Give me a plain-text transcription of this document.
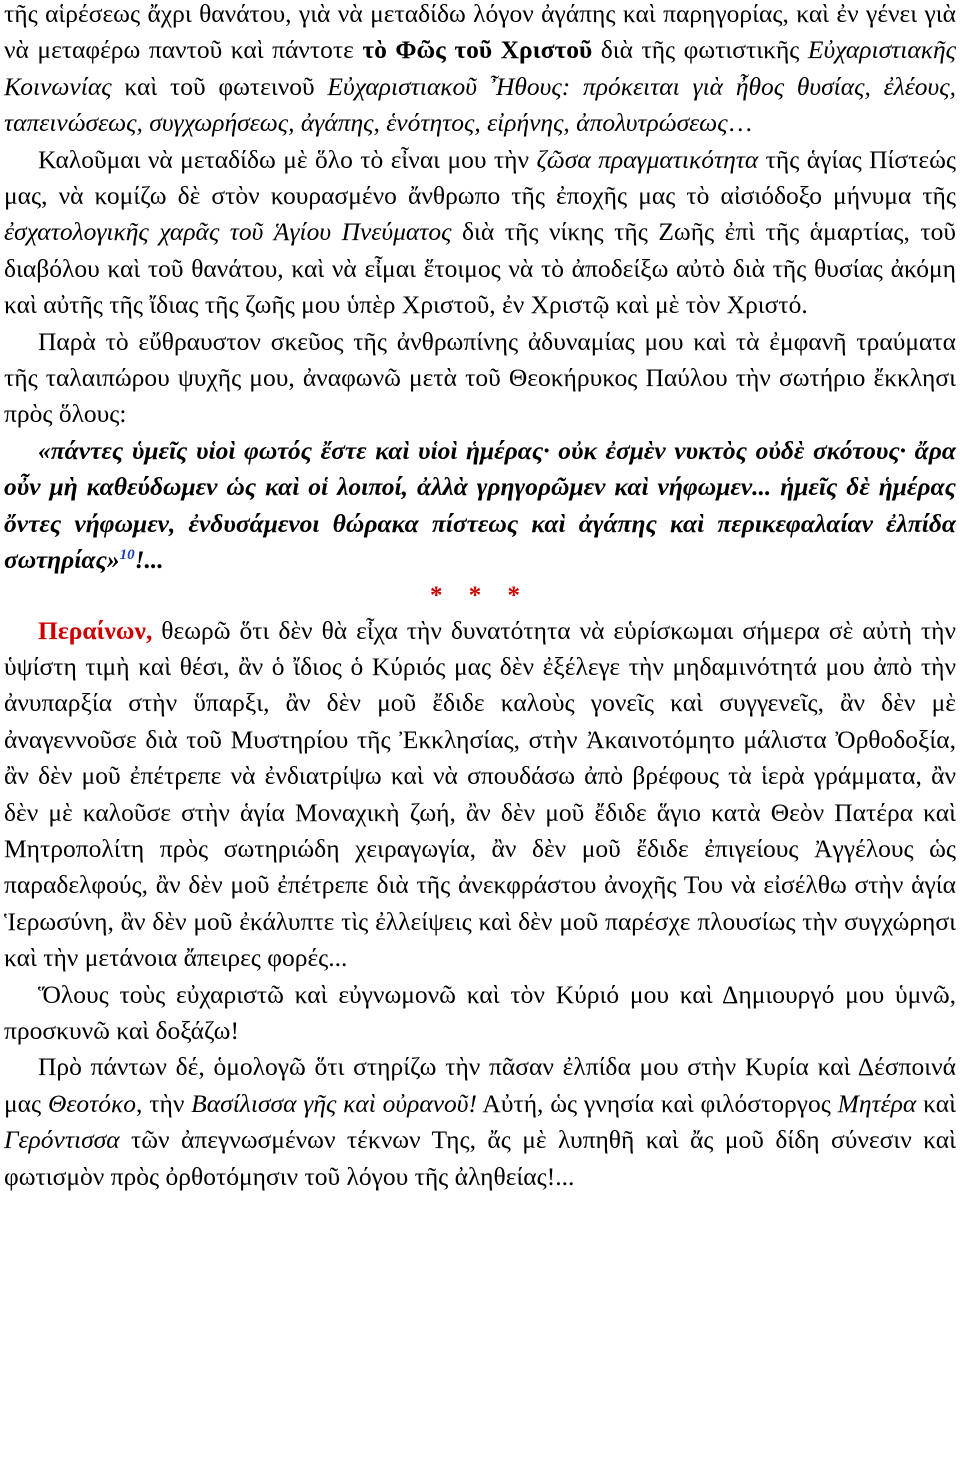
τῆς αἱρέσεως ἄχρι θανάτου, γιὰ νὰ μεταδίδω λόγον ἀγάπης καὶ παρηγορίας, καὶ ἐν γένει γιὰ νὰ μεταφέρω παντοῦ καὶ πάντοτε τὸ Φῶς τοῦ Χριστοῦ διὰ τῆς φωτιστικῆς Εὐχαριστιακῆς Κοινωνίας καὶ τοῦ φωτεινοῦ Εὐχαριστιακοῦ Ἦθους: πρόκειται γιὰ ἦθος θυσίας, ἐλέους, ταπεινώσεως, συγχωρήσεως, ἀγάπης, ἑνότητος, εἰρήνης, ἀπολυτρώσεως…

Καλοῦμαι νὰ μεταδίδω μὲ ὅλο τὸ εἶναι μου τὴν ζῶσα πραγματικότητα τῆς ἁγίας Πίστεώς μας, νὰ κομίζω δὲ στὸν κουρασμένο ἄνθρωπο τῆς ἐποχῆς μας τὸ αἰσιόδοξο μήνυμα τῆς ἐσχατολογικῆς χαρᾶς τοῦ Ἁγίου Πνεύματος διὰ τῆς νίκης τῆς Ζωῆς ἐπὶ τῆς ἁμαρτίας, τοῦ διαβόλου καὶ τοῦ θανάτου, καὶ νὰ εἶμαι ἕτοιμος νὰ τὸ ἀποδείξω αὐτὸ διὰ τῆς θυσίας ἀκόμη καὶ αὐτῆς τῆς ἴδιας τῆς ζωῆς μου ὑπὲρ Χριστοῦ, ἐν Χριστῷ καὶ μὲ τὸν Χριστό.

Παρὰ τὸ εὔθραυστον σκεῦος τῆς ἀνθρωπίνης ἀδυναμίας μου καὶ τὰ ἐμφανῆ τραύματα τῆς ταλαιπώρου ψυχῆς μου, ἀναφωνῶ μετὰ τοῦ Θεοκήρυκος Παύλου τὴν σωτήριο ἔκκλησι πρὸς ὅλους:

«πάντες ὑμεῖς υἱοὶ φωτός ἔστε καὶ υἱοὶ ἡμέρας· οὐκ ἐσμὲν νυκτὸς οὐδὲ σκότους· ἄρα οὖν μὴ καθεύδωμεν ὡς καὶ οἱ λοιποί, ἀλλὰ γρηγορῶμεν καὶ νήφωμεν... ἡμεῖς δὲ ἡμέρας ὄντες νήφωμεν, ἐνδυσάμενοι θώρακα πίστεως καὶ ἀγάπης καὶ περικεφαλαίαν ἐλπίδα σωτηρίας»$^{10}$!...

* * *

Περαίνων, θεωρῶ ὅτι δὲν θὰ εἶχα τὴν δυνατότητα νὰ εὑρίσκωμαι σήμερα σὲ αὐτὴ τὴν ὑψίστη τιμὴ καὶ θέσι, ἂν ὁ ἴδιος ὁ Κύριός μας δὲν ἐξέλεγε τὴν μηδαμινότητά μου ἀπὸ τὴν ἀνυπαρξία στὴν ὕπαρξι, ἂν δὲν μοῦ ἔδιδε καλοὺς γονεῖς καὶ συγγενεῖς, ἂν δὲν μὲ ἀναγεννοῦσε διὰ τοῦ Μυστηρίου τῆς Ἐκκλησίας, στὴν Ἀκαινοτόμητο μάλιστα Ὀρθοδοξία, ἂν δὲν μοῦ ἐπέτρεπε νὰ ἐνδιατρίψω καὶ νὰ σπουδάσω ἀπὸ βρέφους τὰ ἱερὰ γράμματα, ἂν δὲν μὲ καλοῦσε στὴν ἁγία Μοναχικὴ ζωή, ἂν δὲν μοῦ ἔδιδε ἅγιο κατὰ Θεὸν Πατέρα καὶ Μητροπολίτη πρὸς σωτηριώδη χειραγωγία, ἂν δὲν μοῦ ἔδιδε ἐπιγείους Ἀγγέλους ὡς παραδελφούς, ἂν δὲν μοῦ ἐπέτρεπε διὰ τῆς ἀνεκφράστου ἀνοχῆς Του νὰ εἰσέλθω στὴν ἁγία Ἱερωσύνη, ἂν δὲν μοῦ ἐκάλυπτε τὶς ἐλλείψεις καὶ δὲν μοῦ παρέσχε πλουσίως τὴν συγχώρησι καὶ τὴν μετάνοια ἄπειρες φορές...

Ὅλους τοὺς εὐχαριστῶ καὶ εὐγνωμονῶ καὶ τὸν Κύριό μου καὶ Δημιουργό μου ὑμνῶ, προσκυνῶ καὶ δοξάζω!

Πρὸ πάντων δέ, ὁμολογῶ ὅτι στηρίζω τὴν πᾶσαν ἐλπίδα μου στὴν Κυρία καὶ Δέσποινά μας Θεοτόκο, τὴν Βασίλισσα γῆς καὶ οὐρανοῦ! Αὐτή, ὡς γνησία καὶ φιλόστοργος Μητέρα καὶ Γερόντισσα τῶν ἀπεγνωσμένων τέκνων Της, ἄς μὲ λυπηθῆ καὶ ἄς μοῦ δίδη σύνεσιν καὶ φωτισμὸν πρὸς ὀρθοτόμησιν τοῦ λόγου τῆς ἀληθείας!...
